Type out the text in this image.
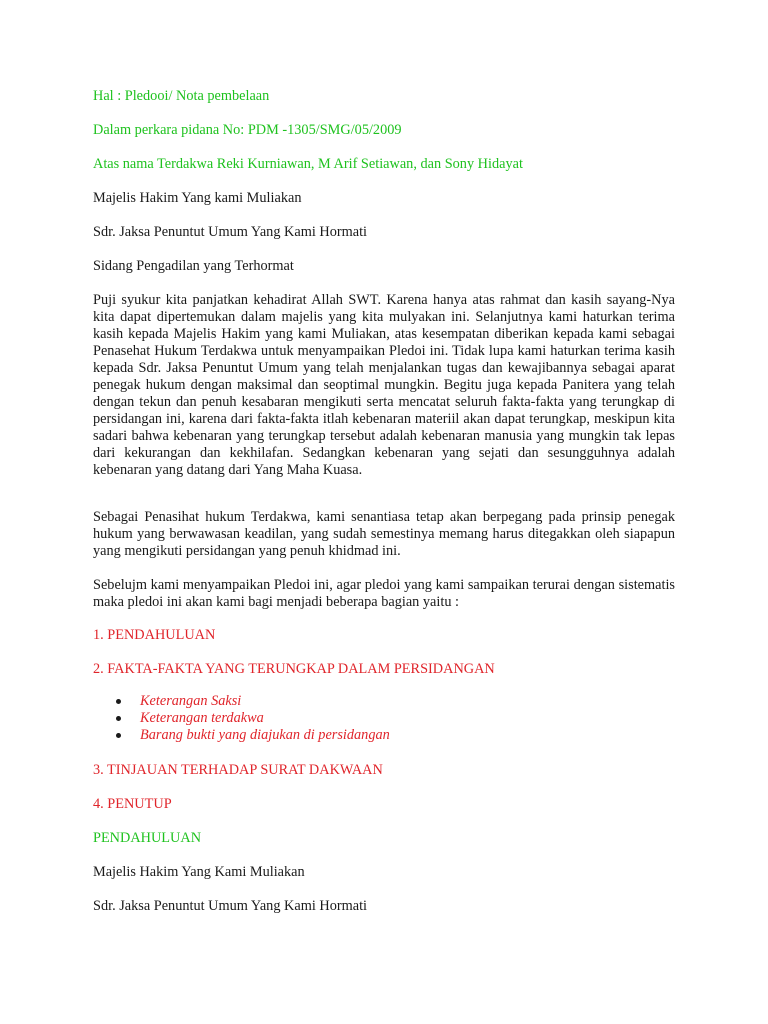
Hal : Pledooi/ Nota pembelaan

Dalam perkara pidana No: PDM -1305/SMG/05/2009

Atas nama Terdakwa Reki Kurniawan, M Arif Setiawan, dan Sony Hidayat

Majelis Hakim Yang kami Muliakan

Sdr. Jaksa Penuntut Umum Yang Kami Hormati

Sidang Pengadilan yang Terhormat

Puji syukur kita panjatkan kehadirat Allah SWT. Karena hanya atas rahmat dan kasih sayang-Nya kita dapat dipertemukan dalam majelis yang kita mulyakan ini. Selanjutnya kami haturkan terima kasih kepada Majelis Hakim yang kami Muliakan, atas kesempatan diberikan kepada kami sebagai Penasehat Hukum Terdakwa untuk menyampaikan Pledoi ini. Tidak lupa kami haturkan terima kasih kepada Sdr. Jaksa Penuntut Umum yang telah menjalankan tugas dan kewajibannya sebagai aparat penegak hukum dengan maksimal dan seoptimal mungkin. Begitu juga kepada Panitera yang telah dengan tekun dan penuh kesabaran mengikuti serta mencatat seluruh fakta-fakta yang terungkap di persidangan ini, karena dari fakta-fakta itlah kebenaran materiil akan dapat terungkap, meskipun kita sadari bahwa kebenaran yang terungkap tersebut adalah kebenaran manusia yang mungkin tak lepas dari kekurangan dan kekhilafan. Sedangkan kebenaran yang sejati dan sesungguhnya adalah kebenaran yang datang dari Yang Maha Kuasa.

Sebagai Penasihat hukum Terdakwa, kami senantiasa tetap akan berpegang pada prinsip penegak hukum yang berwawasan keadilan, yang sudah semestinya memang harus ditegakkan oleh siapapun yang mengikuti persidangan yang penuh khidmad ini.

Sebelujm kami menyampaikan Pledoi ini, agar pledoi yang kami sampaikan terurai dengan sistematis maka pledoi ini akan kami bagi menjadi beberapa bagian yaitu :

1. PENDAHULUAN

2. FAKTA-FAKTA YANG TERUNGKAP DALAM PERSIDANGAN

Keterangan Saksi
Keterangan terdakwa
Barang bukti yang diajukan di persidangan

3. TINJAUAN TERHADAP SURAT DAKWAAN

4. PENUTUP

PENDAHULUAN

Majelis Hakim Yang Kami Muliakan

Sdr. Jaksa Penuntut Umum Yang Kami Hormati
